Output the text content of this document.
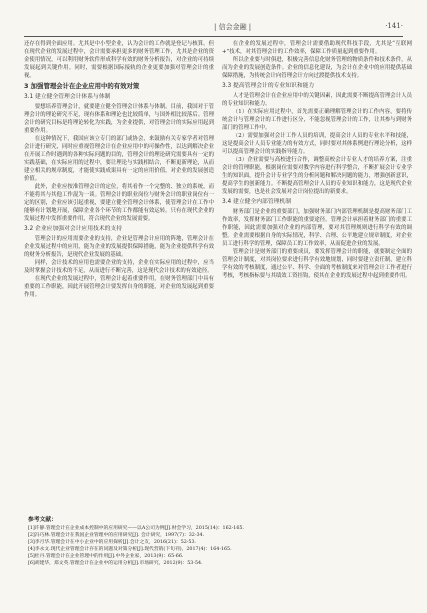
| 信会金融 |	·141·

还存在得到全面应用。尤其是中小型企业，认为会计的工作就是登记与核算。但在现代企业的发展过程中，会计需要承担更多的财务管理工作，尤其是企业的资金使用情况，可以利用财务软件形成科学有效的财务分析报告，对企业的可持续发展起到关键作用。同时，需要根据国际接轨的企业更要加强对管理会计的重视。

3 加强管理会计在企业应用中的有效对策
3.1 建立健全管理会计体系与体制

要想培养管理会计，就要建立健全管理会计体系与体制。目前，我国对于管理会计的理论研究不足，现有体系和理论也比较简单，与国外相比较落后。管理会计的研究目标是将理论转化为实践，为企业提供，对管理会计的实际应用起到重要作用。

在这种情况下，我国应该立专门的部门或协会，来鼓励有关专家学者对管理会计进行研究，同时应重视管理会计在企业应用中的可操作性，以达到解决企业在开展工作时遇到的各种实际问题的目的，管理会计的理论研究需要具有一定的实践基础，在实际应用的过程中，要让理论与实践相结合，不断更新理论，从而建立相关的规章制度，才能使实践成果具有一定的应用价值，对企业的发展创造价值。

此外，企业应按准管理会计的定位，将其看作一个完整的、独立的系统，而不能将其与其他工作混为一谈。管理会计的职业岗位与财务会计的职业岗位有一定的区别，企业应该引起重视，要建立健全管理会计体系，使管理会计在工作中能够有计划地开展，保障企业各个环节的工作都能有效运转。只有在现代企业的发展过程中发挥重要作用，符合现代企业的发展需要。

3.2 企业应加强对会计应用技术的支持

管理会计的应用需要企业的支持，企业是管理会计应用的阵地，管理会计在企业发展过程中的应用，能为企业的发展提供保障措施，能为企业提供科学有效的财务分析报告，是现代企业发展的基础。

同样，会计技术的应用也需要企业的支持，企业在实际应用的过程中，应当及时掌握会计技术的不足，从而进行不断完善，这是现代会计技术的有效途径。

在现代企业的发展过程中，管理会计起着重要作用，在财务管理部门中具有重要的工作职能，因此开展管理会计要发挥自身的职能，对企业的发展起到重要作用。

在企业的发展过程中，管理会计需要借助现代科技手段，尤其是“互联网+”技术，对其管理会计的工作效率，保障工作质量起到重要作用。

所以企业要与时俱进，积极完善信息化财务管理的物质条件和技术条件，从而为企业的发展创造条件。企业的信息化建设，为会计在企业中的应用提供基础保障措施，为传统会计向管理会计方向过渡提供技术支持。

3.3 提高管理会计的专业知识和能力

人才是管理会计在企业应用中的关键因素，因此需要不断提高管理会计人员的专业知识和能力。

（1）在实际应用过程中，首先需要正确理解管理会计的工作内容，要将传统会计与管理会计的工作进行区分，不能忽视管理会计的工作，让其参与到财务部门的管理工作中。

（2）需要加强对会计工作人员的培训，提高会计人员的专业水平和技能，这是提高会计人员专业能力的有效方式，同时要对其体系例进行理论分析，这样可以提高管理会计的实践指导能力。

（3）企业需要与高校进行合作，调整高校会计专业人才的培养方案，注重会计的管理职能，根据岗位需要对教学内容进行科学整合，不断扩展会计专业学生的知识面，提升会计专业学生的分析问题和解决问题的能力，增强创新意识，提高学生的创新能力。不断提高管理会计人员的专业知识和能力，这是现代企业发展的需要，也是社会发展对会计岗位提出的新要求。

3.4 建立健全内部管理机制

财务部门是企业的重要部门，加强财务部门内部管理机制是提高财务部门工作效率，发挥财务部门工作职能的重要途径。管理会计承担着财务部门的重要工作职能，因此需要加强对企业的内部管理，要对其管理规则进行科学有效的调整。企业需要根据自身的实际情况，科学、合理、公平地建立规章制度，对企业员工进行科学的管理，保障员工的工作效率，从而促进企业的发展。

管理会计是财务部门的重要成员，要发挥管理会计的职能，就要制定全面的管理会计制度，对其岗位要求进行科学有效地规划，同时要建立责任制，建立科学有效的考核制度，通过公平、科学、全面的考核制度来对管理会计工作者进行考核，考核指标要与其绩效工资挂钩，使其在企业的发展过程中起到重要作用。

参考文献：
[1]许静.管理会计在企业成本控制中的应用研究——以A公司为例[J].财会学习，2015(14)：162-165.
[2]冯巧林.管理会计在我国企业管理中的应用研究[J]. 会计研究，1997(7)：32-34.
[3]李月华.管理会计在中小企业中的应用探析[J].会计之友，2016(21)：52-53.
[4]李永文.现代企业管理会计存在的问题及对策分析[J].现代营销(下旬刊)，2017(4)：164-165.
[5]杜丹.管理会计在企业管理中的作用[J].中外企业家，2013(9)：65-66.
[6]胡建华，郑文英.管理会计在企业中的运用分析[J].市场研究，2012(9)：53-54.
